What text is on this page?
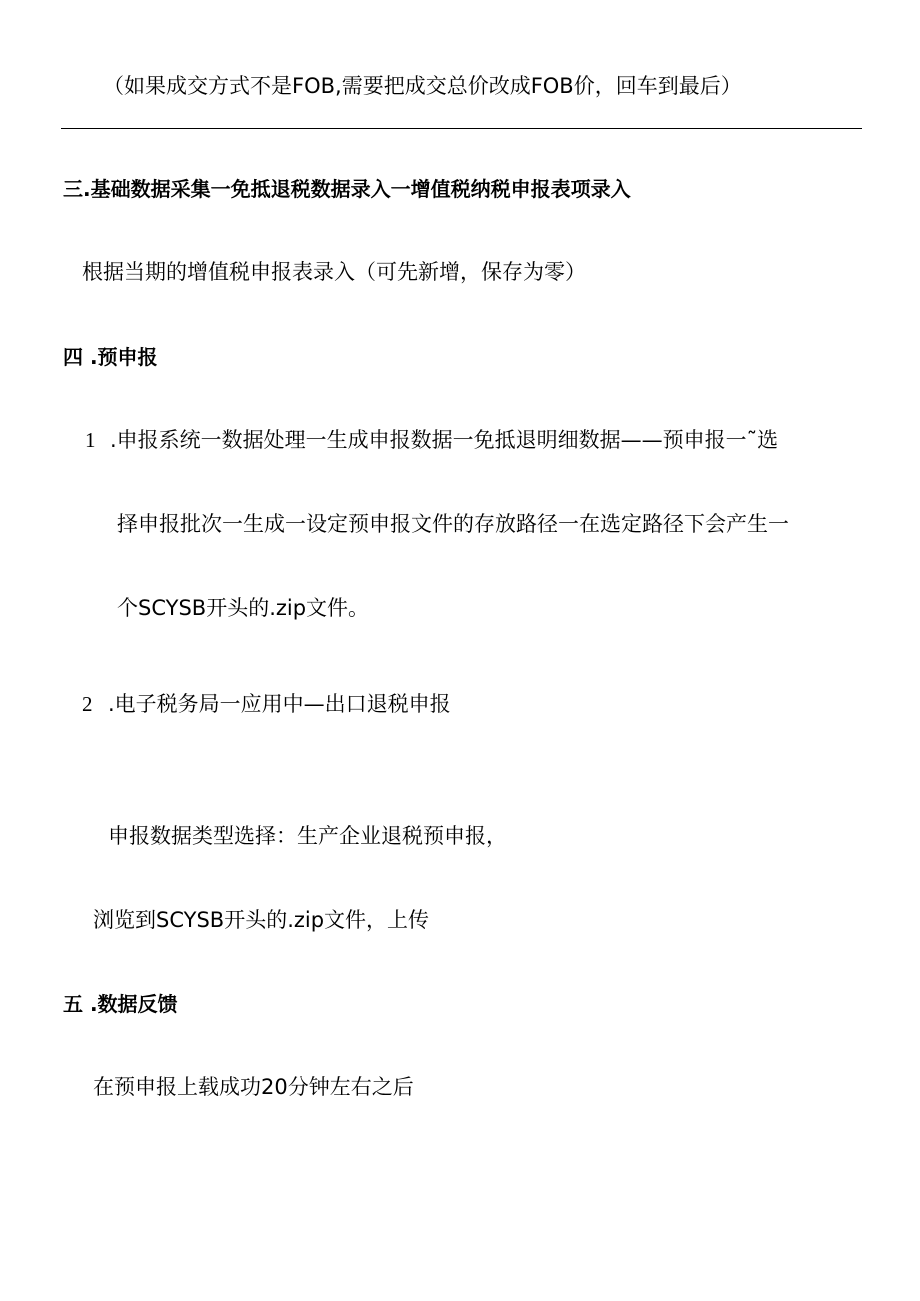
（如果成交方式不是FOB,需要把成交总价改成FOB价，回车到最后）
三.基础数据采集一免抵退税数据录入一增值税纳税申报表项录入
根据当期的增值税申报表录入（可先新增，保存为零）
四 .预申报
1 .申报系统一数据处理一生成申报数据一免抵退明细数据——预申报一˜选
择申报批次一生成一设定预申报文件的存放路径一在选定路径下会产生一
个SCYSB开头的.zip文件。
2 .电子税务局一应用中—出口退税申报
申报数据类型选择：生产企业退税预申报，
浏览到SCYSB开头的.zip文件，上传
五 .数据反馈
在预申报上载成功20分钟左右之后
